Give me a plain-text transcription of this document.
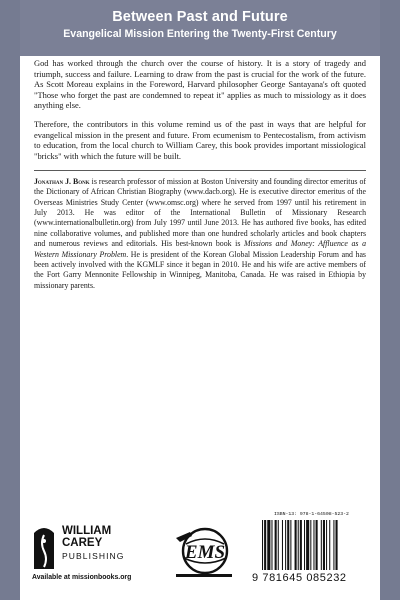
Between Past and Future
Evangelical Mission Entering the Twenty-First Century

God has worked through the church over the course of history. It is a story of tragedy and triumph, success and failure. Learning to draw from the past is crucial for the work of the future. As Scott Moreau explains in the Foreword, Harvard philosopher George Santayana's oft quoted "Those who forget the past are condemned to repeat it" applies as much to missiology as it does anything else.

Therefore, the contributors in this volume remind us of the past in ways that are helpful for evangelical mission in the present and future. From ecumenism to Pentecostalism, from activism to education, from the local church to William Carey, this book provides important missiological "bricks" with which the future will be built.

Jonathan J. Bonk is research professor of mission at Boston University and founding director emeritus of the Dictionary of African Christian Biography (www.dacb.org). He is executive director emeritus of the Overseas Ministries Study Center (www.omsc.org) where he served from 1997 until his retirement in July 2013. He was editor of the International Bulletin of Missionary Research (www.internationalbulletin.org) from July 1997 until June 2013. He has authored five books, has edited nine collaborative volumes, and published more than one hundred scholarly articles and book chapters and numerous reviews and editorials. His best-known book is Missions and Money: Affluence as a Western Missionary Problem. He is president of the Korean Global Mission Leadership Forum and has been actively involved with the KGMLF since it began in 2010. He and his wife are active members of the Fort Garry Mennonite Fellowship in Winnipeg, Manitoba, Canada. He was raised in Ethiopia by missionary parents.

WILLIAM
CAREY
PUBLISHING
Available at missionbooks.org
EMS
ISBN-13: 978-1-64508-523-2
9 781645 085232
